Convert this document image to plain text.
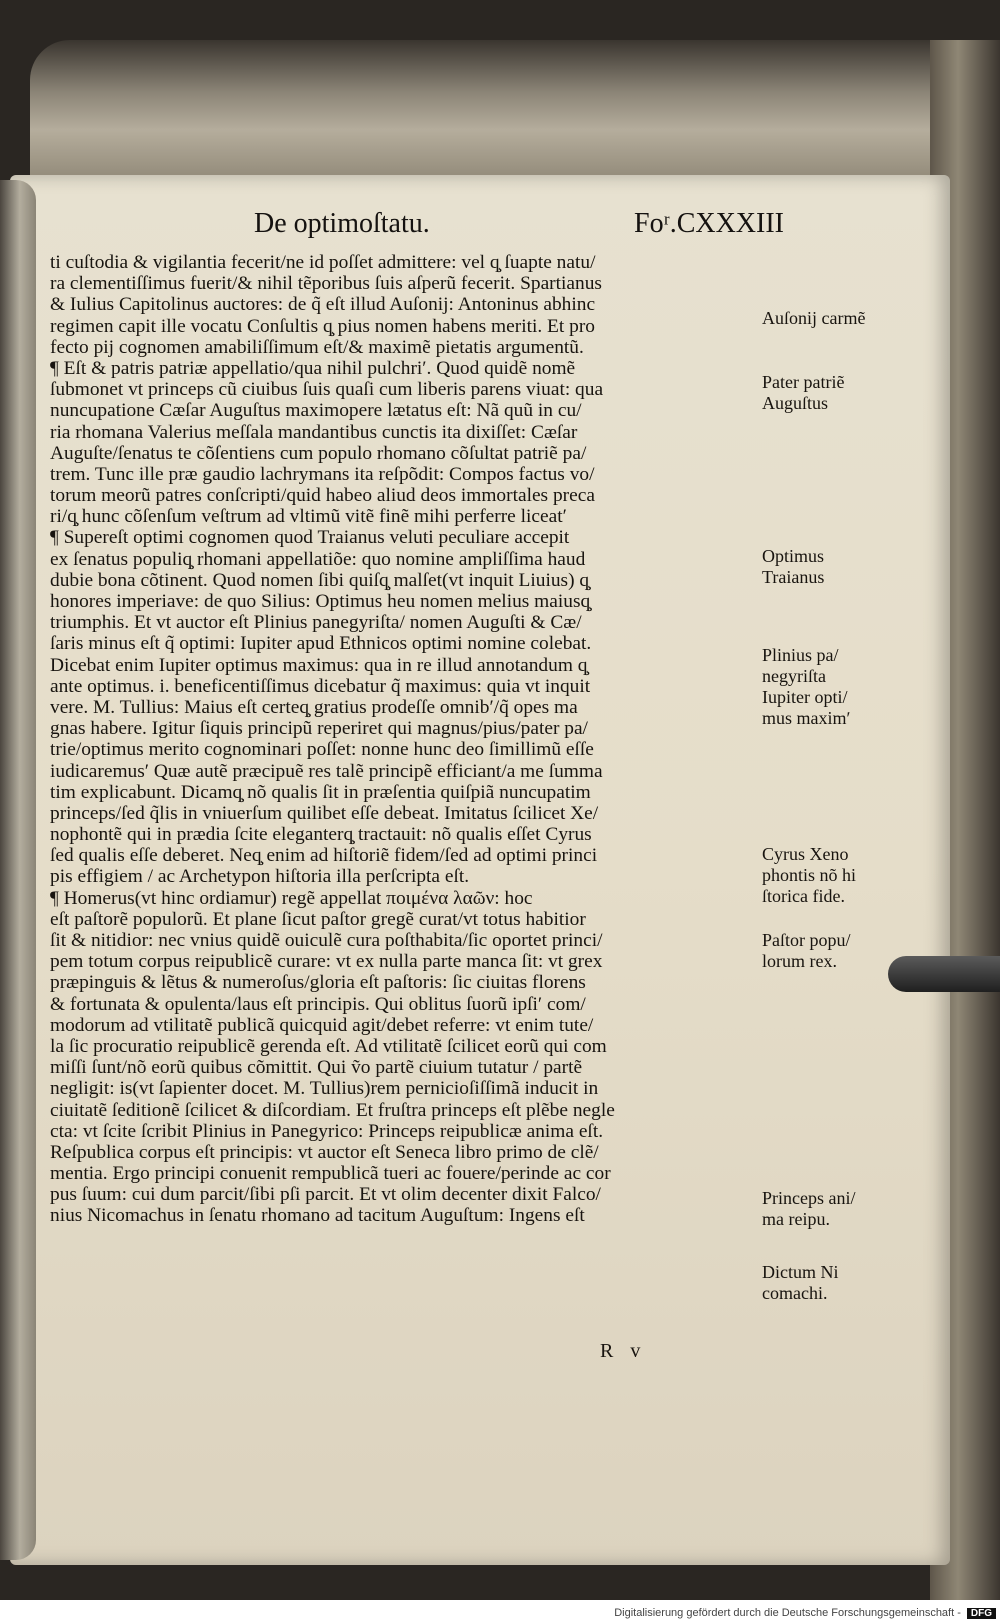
De optimoſtatu.	Foʳ.CXXXIII
ti cuſtodia & vigilantia fecerit/ne id poſſet admittere: vel q̧ ſuapte natu/
ra clementiſſimus fuerit/& nihil tẽporibus ſuis aſperũ fecerit. Spartianus
& Iulius Capitolinus auctores: de q̃ eſt illud Auſonij: Antoninus abhinc
regimen capit ille vocatu Conſultis q̧ pius nomen habens meriti. Et pro
fecto pij cognomen amabiliſſimum eſt/& maximẽ pietatis argumentũ.
¶ Eſt & patris patriæ appellatio/qua nihil pulchriʹ. Quod quidẽ nomẽ
ſubmonet vt princeps cũ ciuibus ſuis quaſi cum liberis parens viuat: qua
nuncupatione Cæſar Auguſtus maximopere lætatus eſt: Nã quũ in cu/
ria rhomana Valerius meſſala mandantibus cunctis ita dixiſſet: Cæſar
Auguſte/ſenatus te cõſentiens cum populo rhomano cõſultat patriẽ pa/
trem. Tunc ille præ gaudio lachrymans ita reſpõdit: Compos factus vo/
torum meorũ patres conſcripti/quid habeo aliud deos immortales preca
ri/q̧ hunc cõſenſum veſtrum ad vltimũ vitẽ finẽ mihi perferre liceatʹ
¶ Supereſt optimi cognomen quod Traianus veluti peculiare accepit
ex ſenatus populiq̧ rhomani appellatiõe: quo nomine ampliſſima haud
dubie bona cõtinent. Quod nomen ſibi quiſq̧ malſet(vt inquit Liuius) q̧
honores imperiave: de quo Silius: Optimus heu nomen melius maiusq̧
triumphis. Et vt auctor eſt Plinius panegyriſta/ nomen Auguſti & Cæ/
ſaris minus eſt q̃ optimi: Iupiter apud Ethnicos optimi nomine colebat.
Dicebat enim Iupiter optimus maximus: qua in re illud annotandum q̧
ante optimus. i. beneficentiſſimus dicebatur q̃ maximus: quia vt inquit
vere. M. Tullius: Maius eſt certeq̧ gratius prodeſſe omnibʹ/q̃ opes ma
gnas habere. Igitur ſiquis principũ reperiret qui magnus/pius/pater pa/
trie/optimus merito cognominari poſſet: nonne hunc deo ſimillimũ eſſe
iudicaremusʹ Quæ autẽ præcipuẽ res talẽ principẽ efficiant/a me ſumma
tim explicabunt. Dicamq̧ nõ qualis ſit in præſentia quiſpiã nuncupatim
princeps/ſed q̃lis in vniuerſum quilibet eſſe debeat. Imitatus ſcilicet Xe/
nophontẽ qui in prædia ſcite eleganterq̧ tractauit: nõ qualis eſſet Cyrus
ſed qualis eſſe deberet. Neq̧ enim ad hiſtoriẽ fidem/ſed ad optimi princi
pis effigiem / ac Archetypon hiſtoria illa perſcripta eſt.
¶ Homerus(vt hinc ordiamur) regẽ appellat ποιμένα λαῶν: hoc
eſt paſtorẽ populorũ. Et plane ſicut paſtor gregẽ curat/vt totus habitior
ſit & nitidior: nec vnius quidẽ ouiculẽ cura poſthabita/ſic oportet princi/
pem totum corpus reipublicẽ curare: vt ex nulla parte manca ſit: vt grex
præpinguis & lẽtus & numeroſus/gloria eſt paſtoris: ſic ciuitas florens
& fortunata & opulenta/laus eſt principis. Qui oblitus ſuorũ ipſiʹ com/
modorum ad vtilitatẽ publicã quicquid agit/debet referre: vt enim tute/
la ſic procuratio reipublicẽ gerenda eſt. Ad vtilitatẽ ſcilicet eorũ qui com
miſſi ſunt/nõ eorũ quibus cõmittit. Qui ṽo partẽ ciuium tutatur / partẽ
negligit: is(vt ſapienter docet. M. Tullius)rem pernicioſiſſimã inducit in
ciuitatẽ ſeditionẽ ſcilicet & diſcordiam. Et fruſtra princeps eſt plẽbe negle
cta: vt ſcite ſcribit Plinius in Panegyrico: Princeps reipublicæ anima eſt.
Reſpublica corpus eſt principis: vt auctor eſt Seneca libro primo de clẽ/
mentia. Ergo principi conuenit rempublicã tueri ac fouere/perinde ac cor
pus ſuum: cui dum parcit/ſibi pſi parcit. Et vt olim decenter dixit Falco/
nius Nicomachus in ſenatu rhomano ad tacitum Auguſtum: Ingens eſt
Auſonij carmẽ
Pater patriẽ
Auguſtus
Optimus
Traianus
Plinius pa/
negyriſta
Iupiter opti/
mus maximʹ
Cyrus Xeno
phontis nõ hi
ſtorica fide.
Paſtor popu/
lorum rex.
Princeps ani/
ma reipu.
Dictum Ni
comachi.
R v
Digitalisierung gefördert durch die Deutsche Forschungsgemeinschaft -	DFG
